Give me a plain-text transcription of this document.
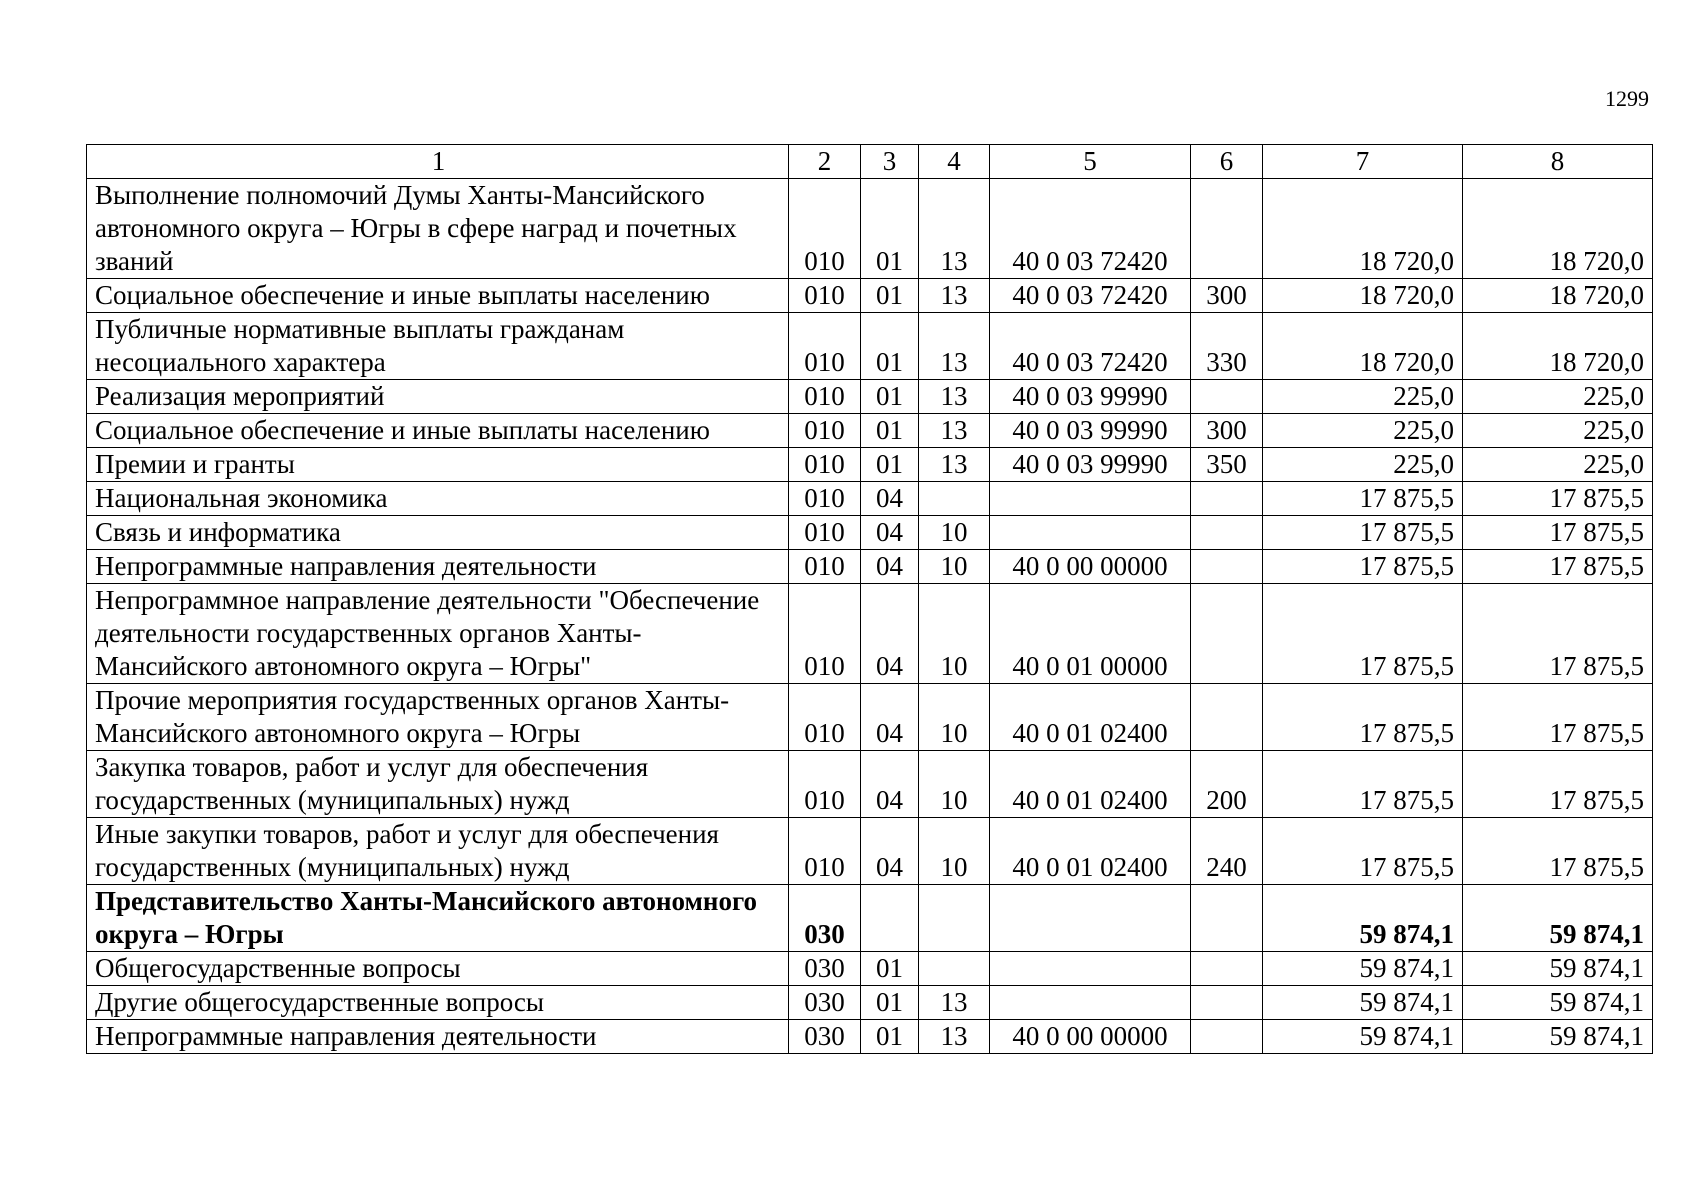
1299
1	2	3	4	5	6	7	8
Выполнение полномочий Думы Ханты-Мансийского автономного округа – Югры в сфере наград и почетных званий	010	01	13	40 0 03 72420		18 720,0	18 720,0
Социальное обеспечение и иные выплаты населению	010	01	13	40 0 03 72420	300	18 720,0	18 720,0
Публичные нормативные выплаты гражданам несоциального характера	010	01	13	40 0 03 72420	330	18 720,0	18 720,0
Реализация мероприятий	010	01	13	40 0 03 99990		225,0	225,0
Социальное обеспечение и иные выплаты населению	010	01	13	40 0 03 99990	300	225,0	225,0
Премии и гранты	010	01	13	40 0 03 99990	350	225,0	225,0
Национальная экономика	010	04				17 875,5	17 875,5
Связь и информатика	010	04	10			17 875,5	17 875,5
Непрограммные направления деятельности	010	04	10	40 0 00 00000		17 875,5	17 875,5
Непрограммное направление деятельности "Обеспечение деятельности государственных органов Ханты-Мансийского автономного округа – Югры"	010	04	10	40 0 01 00000		17 875,5	17 875,5
Прочие мероприятия государственных органов Ханты-Мансийского автономного округа – Югры	010	04	10	40 0 01 02400		17 875,5	17 875,5
Закупка товаров, работ и услуг для обеспечения государственных (муниципальных) нужд	010	04	10	40 0 01 02400	200	17 875,5	17 875,5
Иные закупки товаров, работ и услуг для обеспечения государственных (муниципальных) нужд	010	04	10	40 0 01 02400	240	17 875,5	17 875,5
Представительство Ханты-Мансийского автономного округа – Югры	030					59 874,1	59 874,1
Общегосударственные вопросы	030	01				59 874,1	59 874,1
Другие общегосударственные вопросы	030	01	13			59 874,1	59 874,1
Непрограммные направления деятельности	030	01	13	40 0 00 00000		59 874,1	59 874,1
